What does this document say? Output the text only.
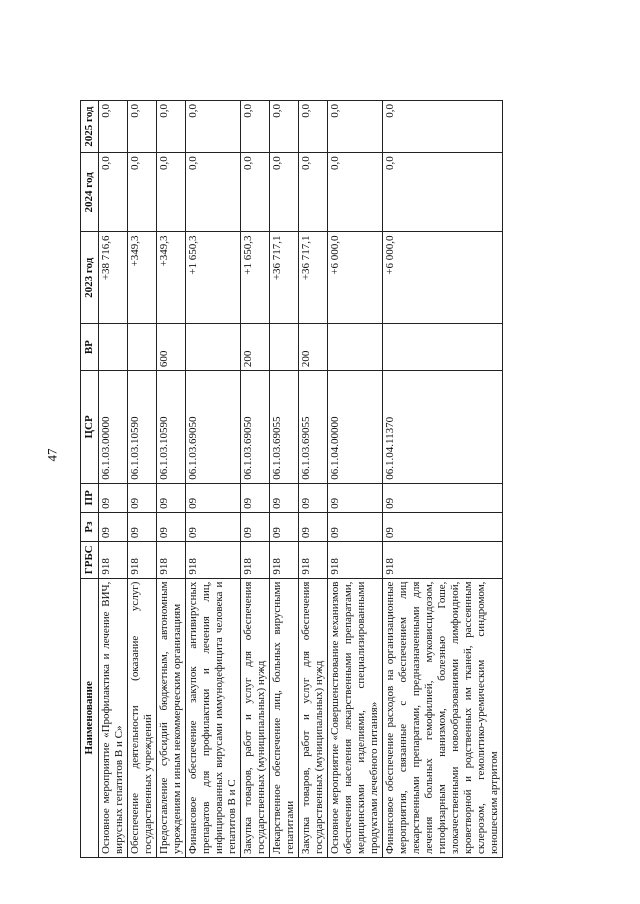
47
Наименование	ГРБС	Рз	ПР	ЦСР	ВР	2023 год	2024 год	2025 год
Основное мероприятие «Профилактика и лечение ВИЧ, вирусных гепатитов В и С»	918	09	09	06.1.03.00000		+38 716,6	0,0	0,0
Обеспечение деятельности (оказание услуг) государственных учреждений	918	09	09	06.1.03.10590		+349,3	0,0	0,0
Предоставление субсидий бюджетным, автономным учреждениям и иным некоммерческим организациям	918	09	09	06.1.03.10590	600	+349,3	0,0	0,0
Финансовое обеспечение закупок антивирусных препаратов для профилактики и лечения лиц, инфицированных вирусами иммунодефицита человека и гепатитов В и С	918	09	09	06.1.03.69050		+1 650,3	0,0	0,0
Закупка товаров, работ и услуг для обеспечения государственных (муниципальных) нужд	918	09	09	06.1.03.69050	200	+1 650,3	0,0	0,0
Лекарственное обеспечение лиц, больных вирусными гепатитами	918	09	09	06.1.03.69055		+36 717,1	0,0	0,0
Закупка товаров, работ и услуг для обеспечения государственных (муниципальных) нужд	918	09	09	06.1.03.69055	200	+36 717,1	0,0	0,0
Основное мероприятие «Совершенствование механизмов обеспечения населения лекарственными препаратами, медицинскими изделиями, специализированными продуктами лечебного питания»	918	09	09	06.1.04.00000		+6 000,0	0,0	0,0
Финансовое обеспечение расходов на организационные мероприятия, связанные с обеспечением лиц лекарственными препаратами, предназначенными для лечения больных гемофилией, муковисцидозом, гипофизарным нанизмом, болезнью Гоше, злокачественными новообразованиями лимфоидной, кроветворной и родственных им тканей, рассеянным склерозом, гемолитико-уремическим синдромом, юношеским артритом	918	09	09	06.1.04.11370		+6 000,0	0,0	0,0
